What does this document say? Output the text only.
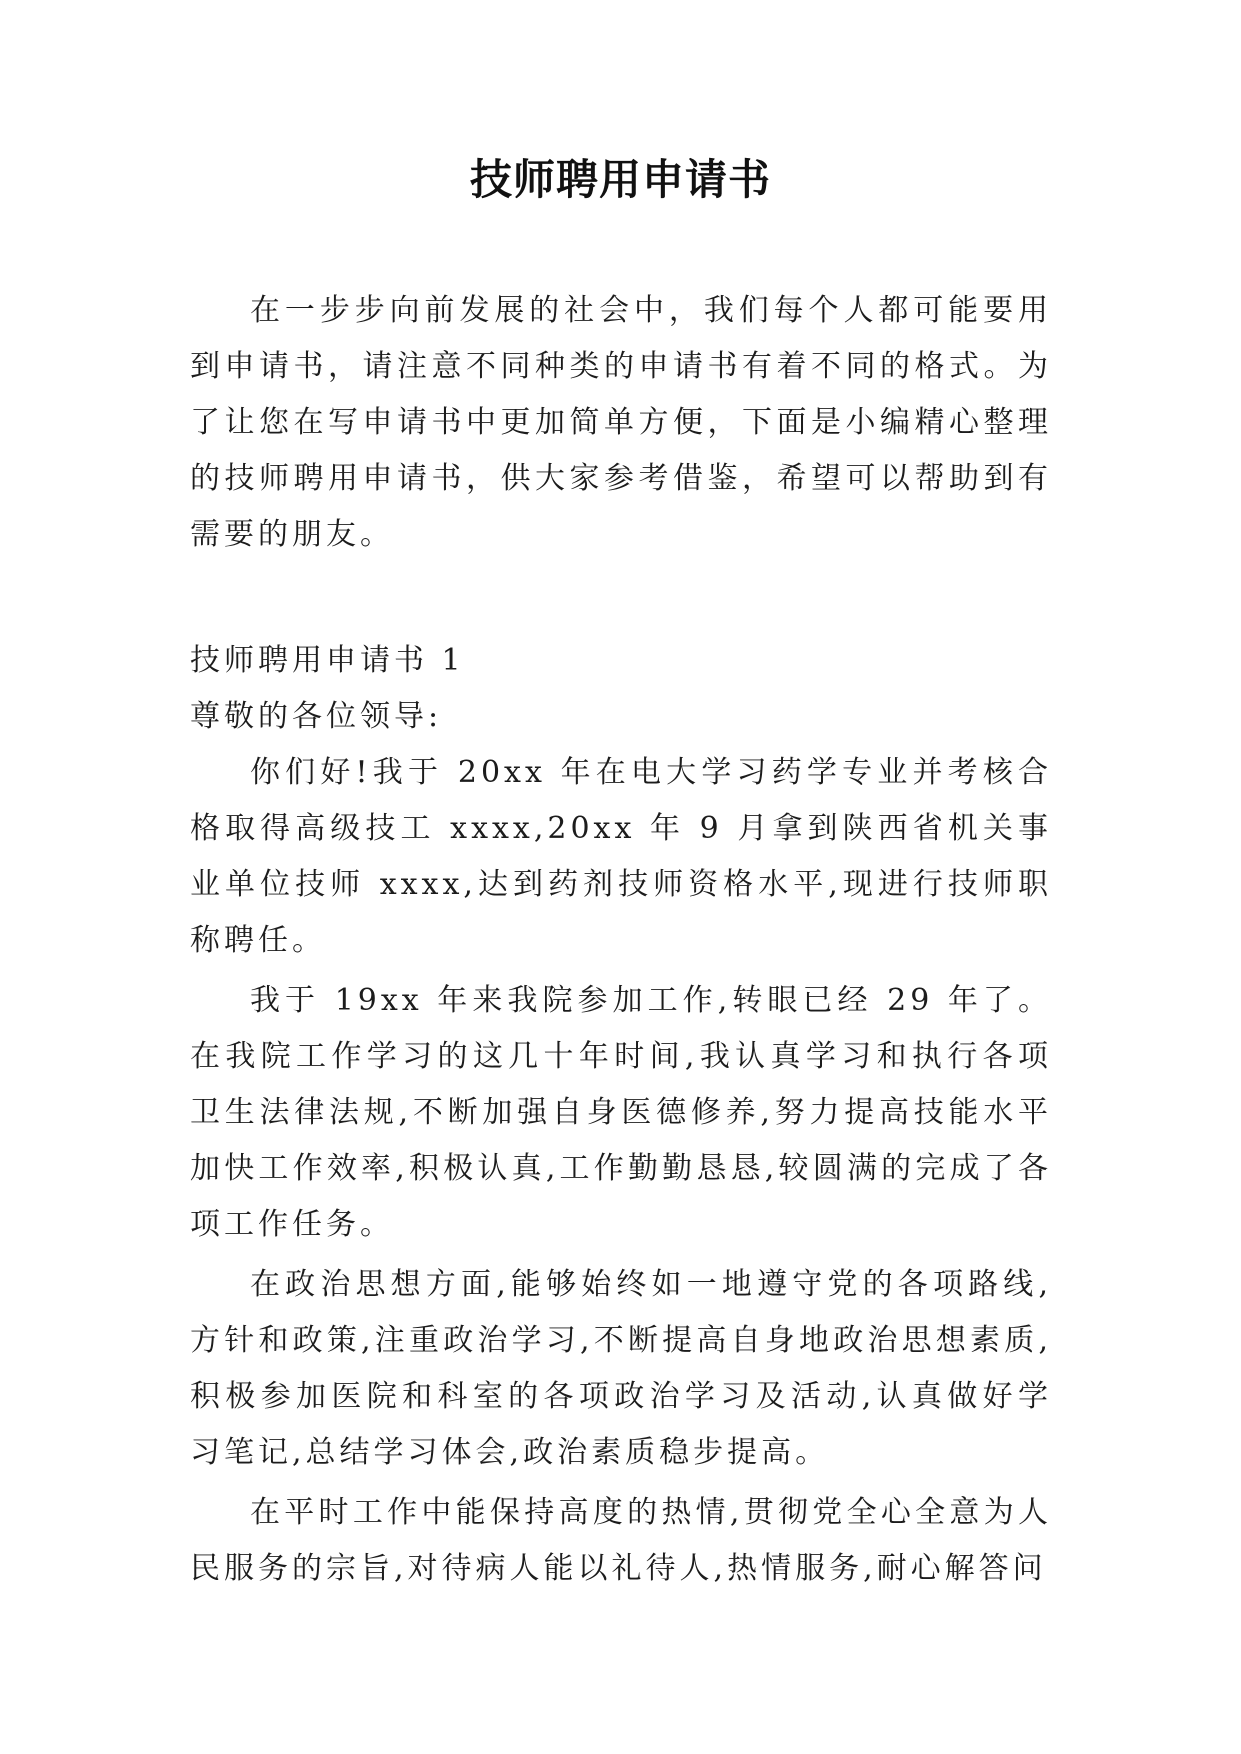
技师聘用申请书

在一步步向前发展的社会中，我们每个人都可能要用到申请书，请注意不同种类的申请书有着不同的格式。为了让您在写申请书中更加简单方便，下面是小编精心整理的技师聘用申请书，供大家参考借鉴，希望可以帮助到有需要的朋友。

技师聘用申请书 1

尊敬的各位领导:

你们好!我于 20xx 年在电大学习药学专业并考核合格取得高级技工 xxxx,20xx 年 9 月拿到陕西省机关事业单位技师 xxxx,达到药剂技师资格水平,现进行技师职称聘任。

我于 19xx 年来我院参加工作,转眼已经 29 年了。在我院工作学习的这几十年时间,我认真学习和执行各项卫生法律法规,不断加强自身医德修养,努力提高技能水平加快工作效率,积极认真,工作勤勤恳恳,较圆满的完成了各项工作任务。

在政治思想方面,能够始终如一地遵守党的各项路线,方针和政策,注重政治学习,不断提高自身地政治思想素质,积极参加医院和科室的各项政治学习及活动,认真做好学习笔记,总结学习体会,政治素质稳步提高。

在平时工作中能保持高度的热情,贯彻党全心全意为人民服务的宗旨,对待病人能以礼待人,热情服务,耐心解答问
